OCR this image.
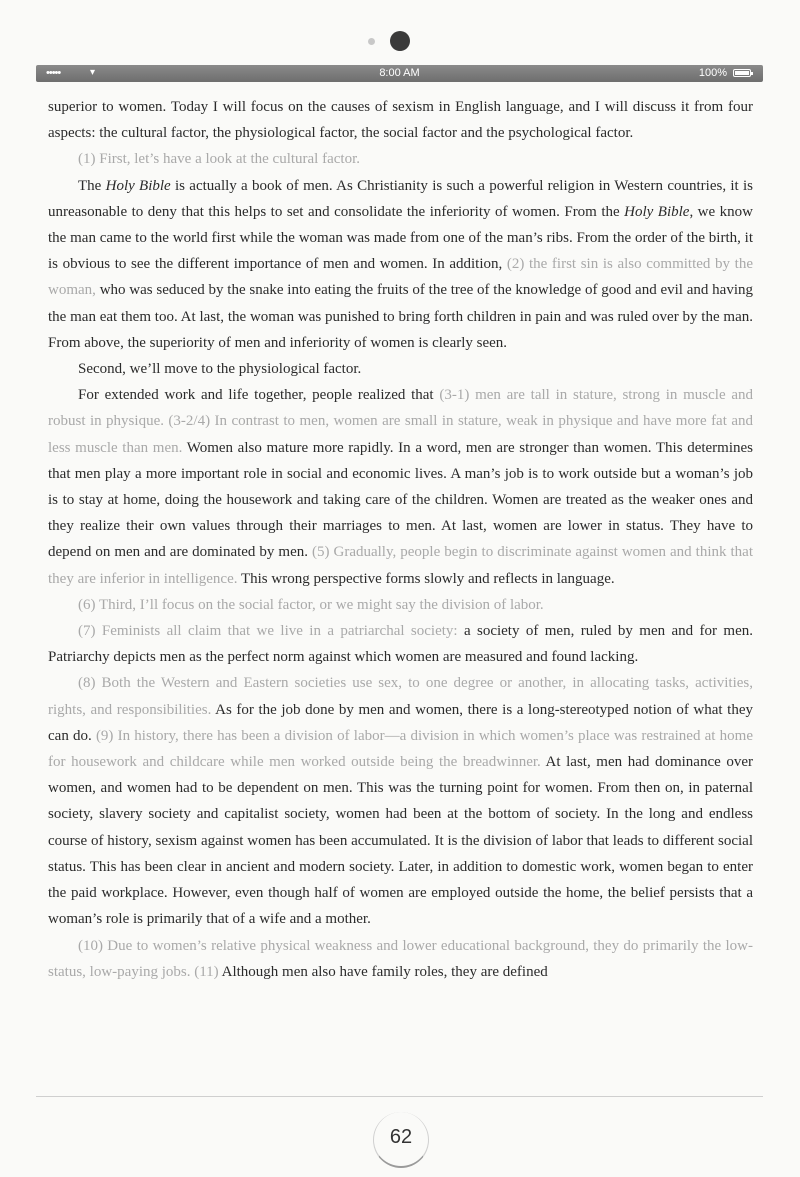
•••••	▾	8:00 AM	100%

superior to women. Today I will focus on the causes of sexism in English language, and I will discuss it from four aspects: the cultural factor, the physiological factor, the social factor and the psychological factor.

(1) First, let’s have a look at the cultural factor.

The Holy Bible is actually a book of men. As Christianity is such a powerful religion in Western countries, it is unreasonable to deny that this helps to set and consolidate the inferiority of women. From the Holy Bible, we know the man came to the world first while the woman was made from one of the man’s ribs. From the order of the birth, it is obvious to see the different importance of men and women. In addition, (2) the first sin is also committed by the woman, who was seduced by the snake into eating the fruits of the tree of the knowledge of good and evil and having the man eat them too. At last, the woman was punished to bring forth children in pain and was ruled over by the man. From above, the superiority of men and inferiority of women is clearly seen.

Second, we’ll move to the physiological factor.

For extended work and life together, people realized that (3-1) men are tall in stature, strong in muscle and robust in physique. (3-2/4) In contrast to men, women are small in stature, weak in physique and have more fat and less muscle than men. Women also mature more rapidly. In a word, men are stronger than women. This determines that men play a more important role in social and economic lives. A man’s job is to work outside but a woman’s job is to stay at home, doing the housework and taking care of the children. Women are treated as the weaker ones and they realize their own values through their marriages to men. At last, women are lower in status. They have to depend on men and are dominated by men. (5) Gradually, people begin to discriminate against women and think that they are inferior in intelligence. This wrong perspective forms slowly and reflects in language.

(6) Third, I’ll focus on the social factor, or we might say the division of labor.

(7) Feminists all claim that we live in a patriarchal society: a society of men, ruled by men and for men. Patriarchy depicts men as the perfect norm against which women are measured and found lacking.

(8) Both the Western and Eastern societies use sex, to one degree or another, in allocating tasks, activities, rights, and responsibilities. As for the job done by men and women, there is a long-stereotyped notion of what they can do. (9) In history, there has been a division of labor—a division in which women’s place was restrained at home for housework and childcare while men worked outside being the breadwinner. At last, men had dominance over women, and women had to be dependent on men. This was the turning point for women. From then on, in paternal society, slavery society and capitalist society, women had been at the bottom of society. In the long and endless course of history, sexism against women has been accumulated. It is the division of labor that leads to different social status. This has been clear in ancient and modern society. Later, in addition to domestic work, women began to enter the paid workplace. However, even though half of women are employed outside the home, the belief persists that a woman’s role is primarily that of a wife and a mother.

(10) Due to women’s relative physical weakness and lower educational background, they do primarily the low-status, low-paying jobs. (11) Although men also have family roles, they are defined

62
